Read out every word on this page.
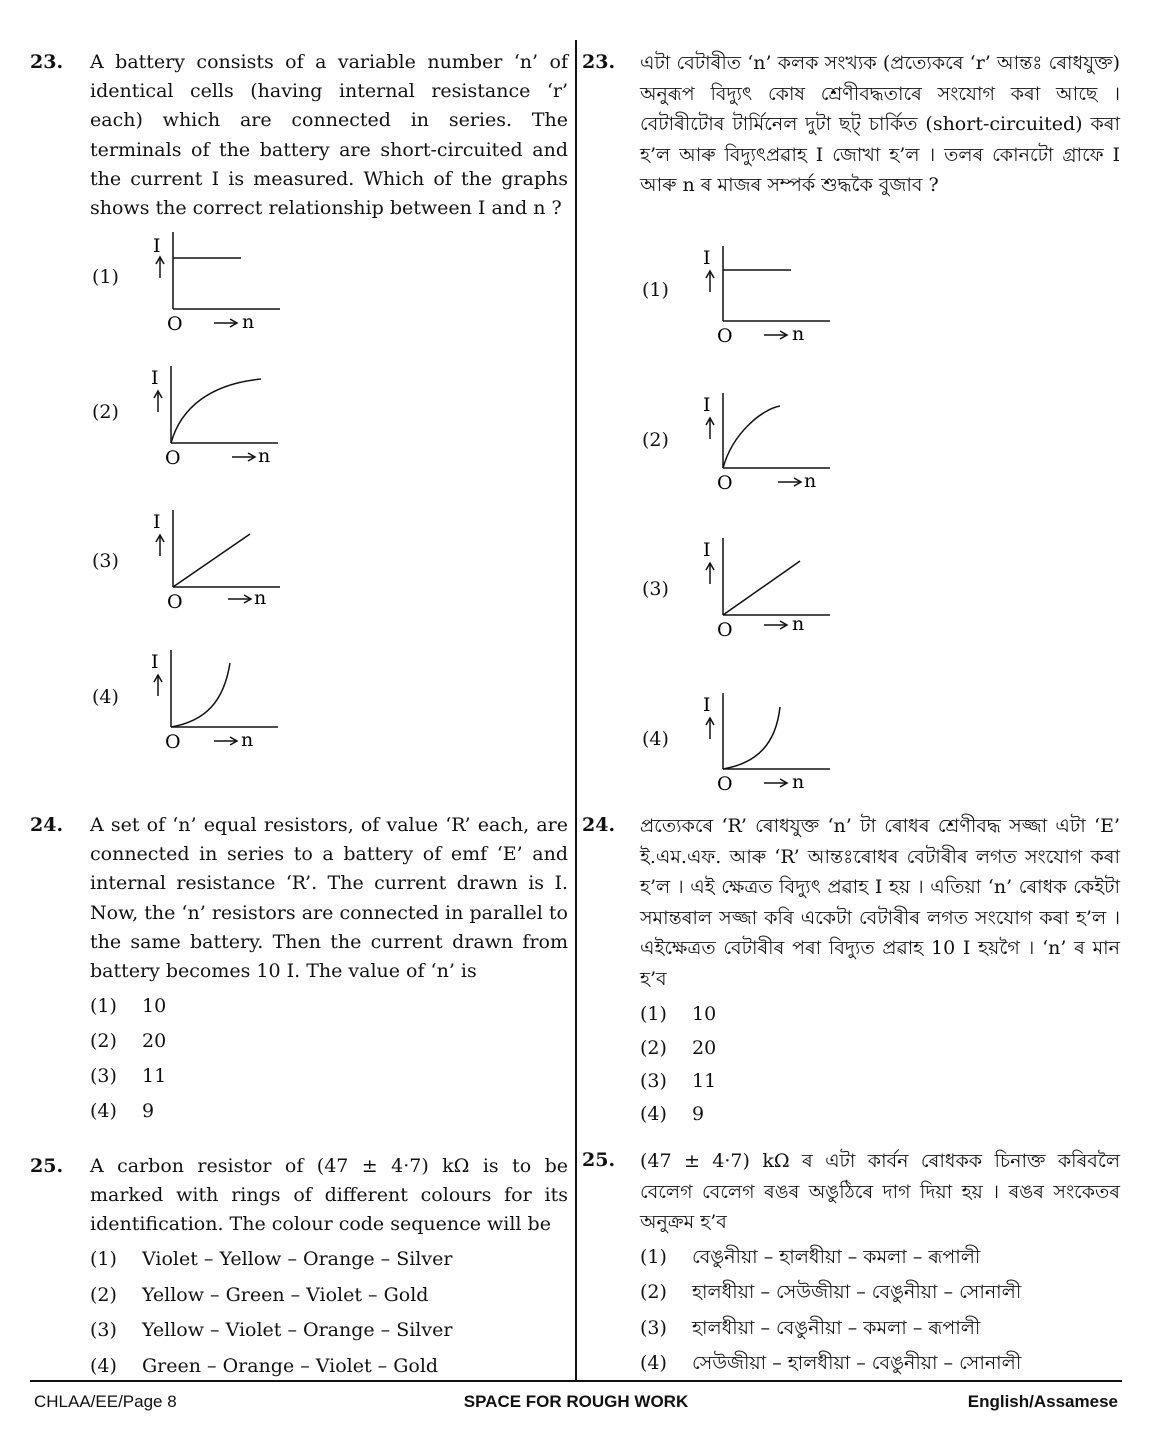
23. A battery consists of a variable number ‘n’ of identical cells (having internal resistance ‘r’ each) which are connected in series. The terminals of the battery are short-circuited and the current I is measured. Which of the graphs shows the correct relationship between I and n ?
(1)
I
O	n
(2)
I
O	n
(3)
I
O	n
(4)
I
O	n
24. A set of ‘n’ equal resistors, of value ‘R’ each, are connected in series to a battery of emf ‘E’ and internal resistance ‘R’. The current drawn is I. Now, the ‘n’ resistors are connected in parallel to the same battery. Then the current drawn from battery becomes 10 I. The value of ‘n’ is
(1) 10
(2) 20
(3) 11
(4) 9
25. A carbon resistor of (47 ± 4·7) kΩ is to be marked with rings of different colours for its identification. The colour code sequence will be
(1) Violet – Yellow – Orange – Silver
(2) Yellow – Green – Violet – Gold
(3) Yellow – Violet – Orange – Silver
(4) Green – Orange – Violet – Gold
23. এটা বেটাৰীত ‘n’ কলক সংখ্যক (প্ৰত্যেকৰে ‘r’ আন্তঃ ৰোধযুক্ত) অনুৰূপ বিদ্যুৎ কোষ শ্ৰেণীবদ্ধতাৰে সংযোগ কৰা আছে । বেটাৰীটোৰ টাৰ্মিনেল দুটা ছট্ চাৰ্কিত (short-circuited) কৰা হ’ল আৰু বিদ্যুৎপ্ৰৱাহ I জোখা হ’ল । তলৰ কোনটো গ্ৰাফে I আৰু n ৰ মাজৰ সম্পৰ্ক শুদ্ধকৈ বুজাব ?
(1)
I
O	n
(2)
I
O	n
(3)
I
O	n
(4)
I
O	n
24. প্ৰত্যেকৰে ‘R’ ৰোধযুক্ত ‘n’ টা ৰোধৰ শ্ৰেণীবদ্ধ সজ্জা এটা ‘E’ ই.এম.এফ. আৰু ‘R’ আন্তঃৰোধৰ বেটাৰীৰ লগত সংযোগ কৰা হ’ল । এই ক্ষেত্ৰত বিদ্যুৎ প্ৰৱাহ I হয় । এতিয়া ‘n’ ৰোধক কেইটা সমান্তৰাল সজ্জা কৰি একেটা বেটাৰীৰ লগত সংযোগ কৰা হ’ল । এইক্ষেত্ৰত বেটাৰীৰ পৰা বিদ্যুত প্ৰৱাহ 10 I হয়গৈ । ‘n’ ৰ মান হ’ব
(1) 10
(2) 20
(3) 11
(4) 9
25. (47 ± 4·7) kΩ ৰ এটা কাৰ্বন ৰোধকক চিনাক্ত কৰিবলৈ বেলেগ বেলেগ ৰঙৰ অঙুঠিৰে দাগ দিয়া হয় । ৰঙৰ সংকেতৰ অনুক্ৰম হ’ব
(1) বেঙুনীয়া – হালধীয়া – কমলা – ৰূপালী
(2) হালধীয়া – সেউজীয়া – বেঙুনীয়া – সোনালী
(3) হালধীয়া – বেঙুনীয়া – কমলা – ৰূপালী
(4) সেউজীয়া – হালধীয়া – বেঙুনীয়া – সোনালী
SPACE FOR ROUGH WORK
CHLAA/EE/Page 8	English/Assamese
